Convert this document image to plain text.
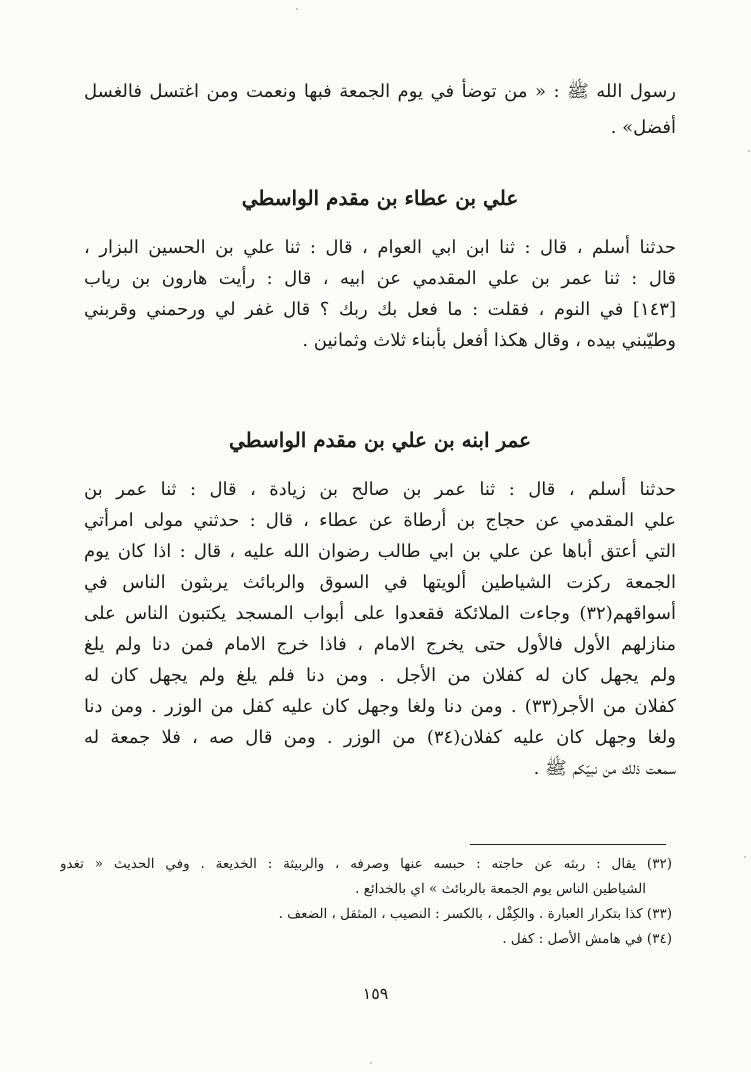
رسول الله ﷺ : « من توضأ في يوم الجمعة فبها ونعمت ومن اغتسل فالغسل
أفضل» .
علي بن عطاء بن مقدم الواسطي
حدثنا أسلم ، قال : ثنا ابن ابي العوام ، قال : ثنا علي بن الحسين البزار ،
قال : ثنا عمر بن علي المقدمي عن ابيه ، قال : رأيت هارون بن رياب
[١٤٣] في النوم ، فقلت : ما فعل بك ربك ؟ قال غفر لي ورحمني وقربني
وطيّبني بيده ، وقال هكذا أفعل بأبناء ثلاث وثمانين .
عمر ابنه بن علي بن مقدم الواسطي
حدثنا أسلم ، قال : ثنا عمر بن صالح بن زيادة ، قال : ثنا عمر بن
علي المقدمي عن حجاج بن أرطاة عن عطاء ، قال : حدثني مولى امرأتي
التي أعتق أباها عن علي بن ابي طالب رضوان الله عليه ، قال : اذا كان يوم
الجمعة ركزت الشياطين ألويتها في السوق والربائث يربثون الناس في
أسواقهم(٣٢) وجاءت الملائكة فقعدوا على أبواب المسجد يكتبون الناس على
منازلهم الأول فالأول حتى يخرج الامام ، فاذا خرج الامام فمن دنا ولم يلغ
ولم يجهل كان له كفلان من الأجل . ومن دنا فلم يلغ ولم يجهل كان له
كفلان من الأجر(٣٣) . ومن دنا ولغا وجهل كان عليه كفل من الوزر . ومن دنا
ولغا وجهل كان عليه كفلان(٣٤) من الوزر . ومن قال صه ، فلا جمعة له
سمعت ذلك من نبيّكم ﷺ .
(٣٢) يقال : ربثه عن حاجته : حبسه عنها وصرفه ، والربيثة : الخديعة . وفي الحديث « تغدو
الشياطين الناس يوم الجمعة بالربائث » اي بالخدائع .
(٣٣) كذا بتكرار العبارة . والكِفْل ، بالكسر : النصيب ، المثقل ، الضعف .
(٣٤) في هامش الأصل : كفل .
١٥٩
